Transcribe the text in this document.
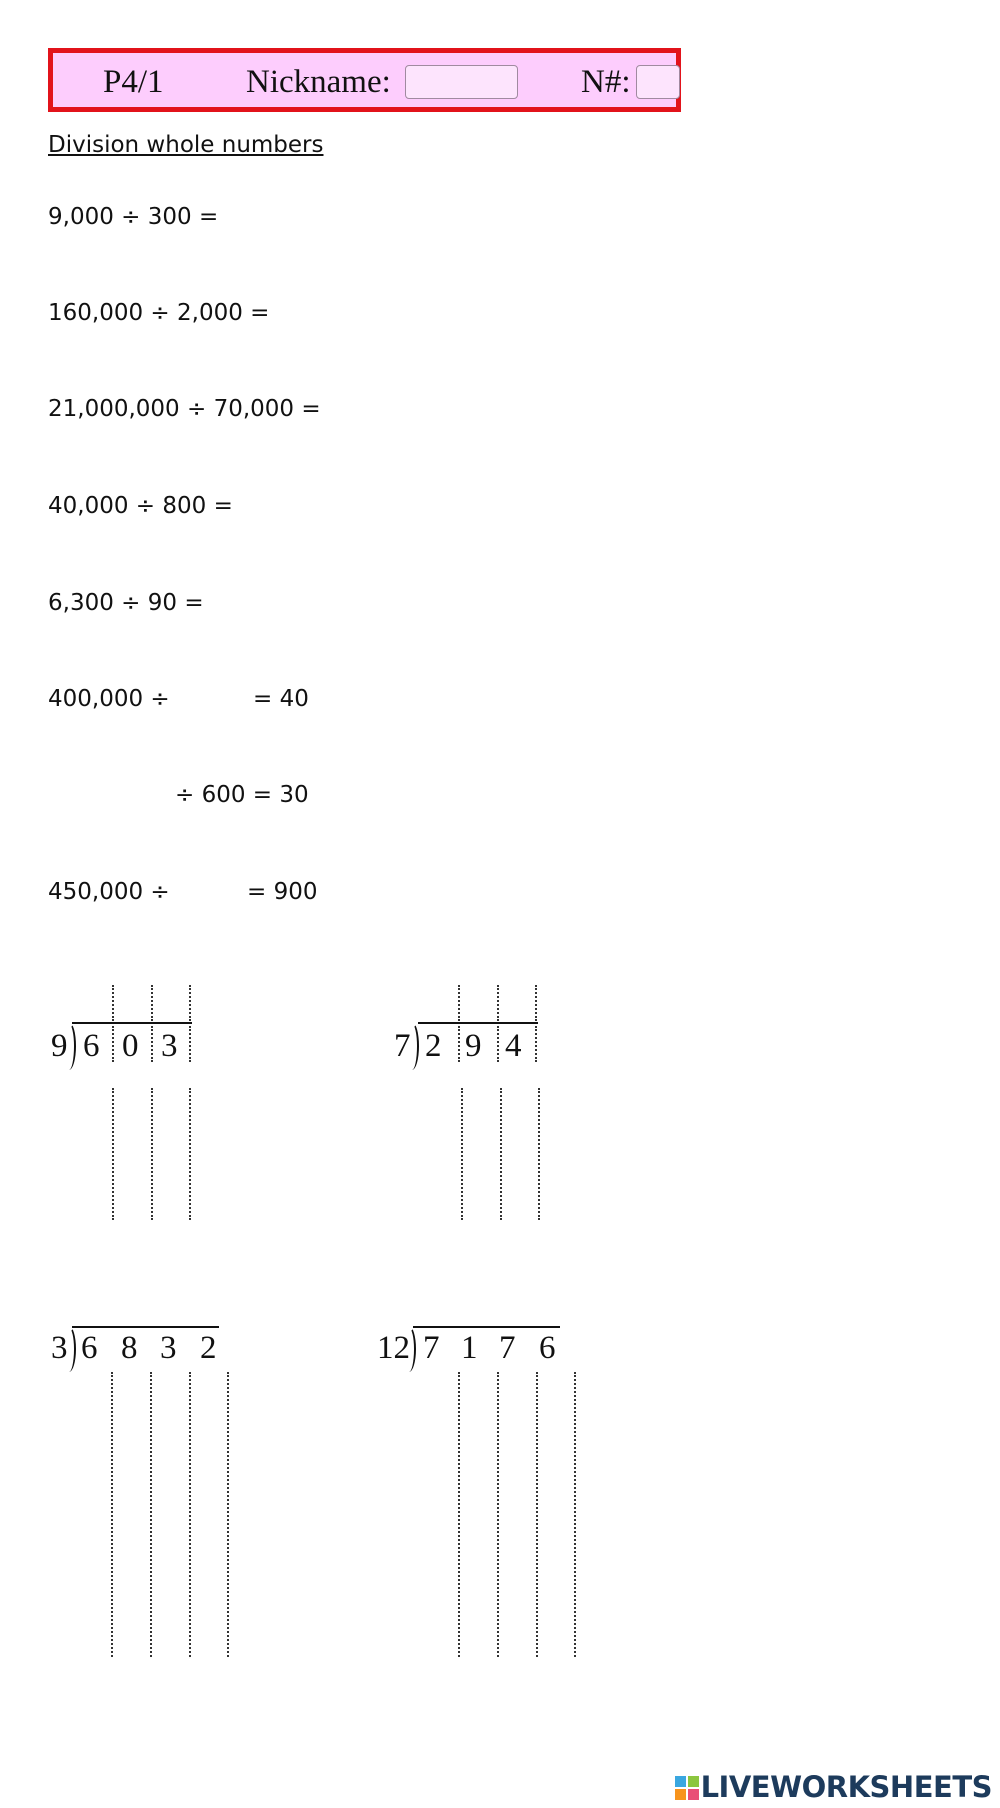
P4/1 Nickname:	N#:
Division whole numbers
9,000 ÷ 300 =
160,000 ÷ 2,000 =
21,000,000 ÷ 70,000 =
40,000 ÷ 800 =
6,300 ÷ 90 =
400,000 ÷	= 40
÷ 600 = 30
450,000 ÷	= 900
9 6 0 3	7 2 9 4
3 6 8 3 2	12 7 1 7 6
LIVEWORKSHEETS
